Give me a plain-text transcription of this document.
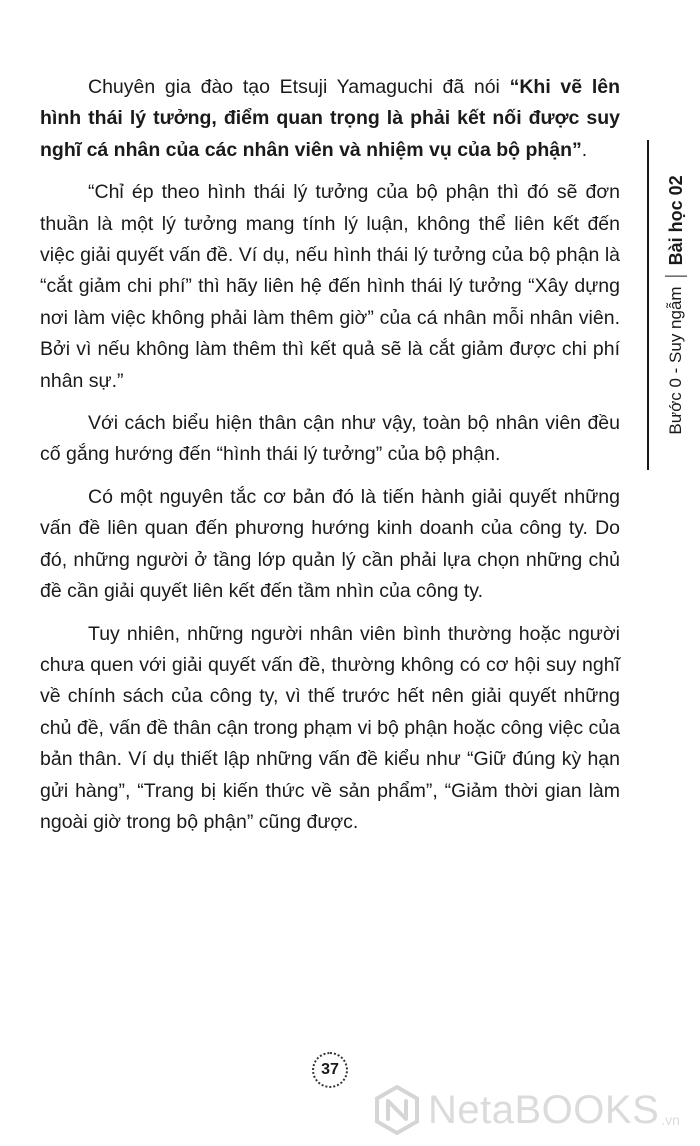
Chuyên gia đào tạo Etsuji Yamaguchi đã nói “Khi vẽ lên hình thái lý tưởng, điểm quan trọng là phải kết nối được suy nghĩ cá nhân của các nhân viên và nhiệm vụ của bộ phận”.

“Chỉ ép theo hình thái lý tưởng của bộ phận thì đó sẽ đơn thuần là một lý tưởng mang tính lý luận, không thể liên kết đến việc giải quyết vấn đề. Ví dụ, nếu hình thái lý tưởng của bộ phận là “cắt giảm chi phí” thì hãy liên hệ đến hình thái lý tưởng “Xây dựng nơi làm việc không phải làm thêm giờ” của cá nhân mỗi nhân viên. Bởi vì nếu không làm thêm thì kết quả sẽ là cắt giảm được chi phí nhân sự.”

Với cách biểu hiện thân cận như vậy, toàn bộ nhân viên đều cố gắng hướng đến “hình thái lý tưởng” của bộ phận.

Có một nguyên tắc cơ bản đó là tiến hành giải quyết những vấn đề liên quan đến phương hướng kinh doanh của công ty. Do đó, những người ở tầng lớp quản lý cần phải lựa chọn những chủ đề cần giải quyết liên kết đến tầm nhìn của công ty.

Tuy nhiên, những người nhân viên bình thường hoặc người chưa quen với giải quyết vấn đề, thường không có cơ hội suy nghĩ về chính sách của công ty, vì thế trước hết nên giải quyết những chủ đề, vấn đề thân cận trong phạm vi bộ phận hoặc công việc của bản thân. Ví dụ thiết lập những vấn đề kiểu như “Giữ đúng kỳ hạn gửi hàng”, “Trang bị kiến thức về sản phẩm”, “Giảm thời gian làm ngoài giờ trong bộ phận” cũng được.

Bước 0 - Suy ngẫm
Bài học 02
37
NetaBOOKS .vn
